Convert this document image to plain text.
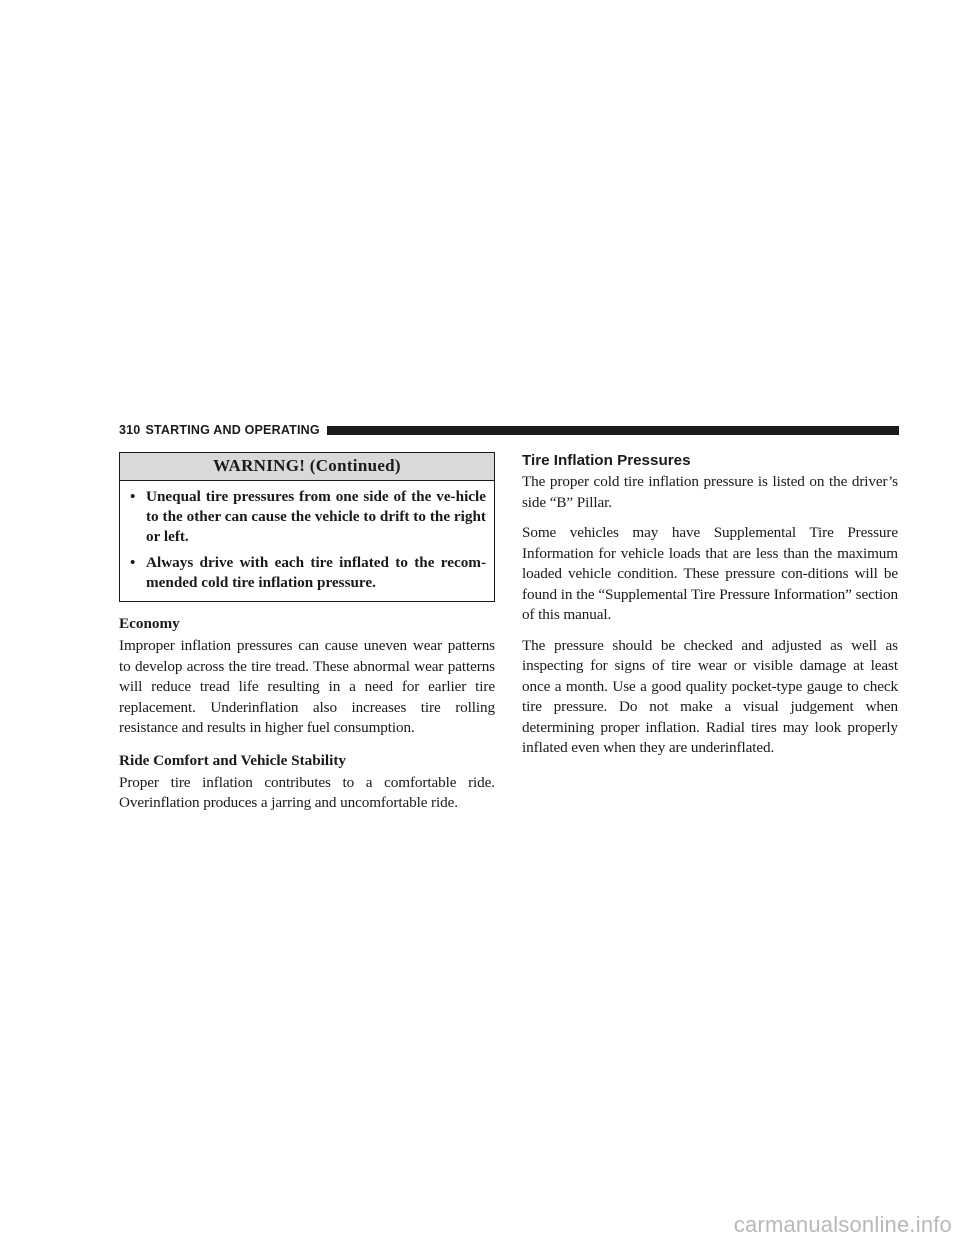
310 STARTING AND OPERATING
WARNING! (Continued)
• Unequal tire pressures from one side of the ve-hicle to the other can cause the vehicle to drift to the right or left.
• Always drive with each tire inflated to the recom-mended cold tire inflation pressure.
Economy

Improper inflation pressures can cause uneven wear patterns to develop across the tire tread. These abnormal wear patterns will reduce tread life resulting in a need for earlier tire replacement. Underinflation also increases tire rolling resistance and results in higher fuel consumption.

Ride Comfort and Vehicle Stability

Proper tire inflation contributes to a comfortable ride. Overinflation produces a jarring and uncomfortable ride.

Tire Inflation Pressures

The proper cold tire inflation pressure is listed on the driver’s side “B” Pillar.

Some vehicles may have Supplemental Tire Pressure Information for vehicle loads that are less than the maximum loaded vehicle condition. These pressure con-ditions will be found in the “Supplemental Tire Pressure Information” section of this manual.

The pressure should be checked and adjusted as well as inspecting for signs of tire wear or visible damage at least once a month. Use a good quality pocket-type gauge to check tire pressure. Do not make a visual judgement when determining proper inflation. Radial tires may look properly inflated even when they are underinflated.

carmanualsonline.info
